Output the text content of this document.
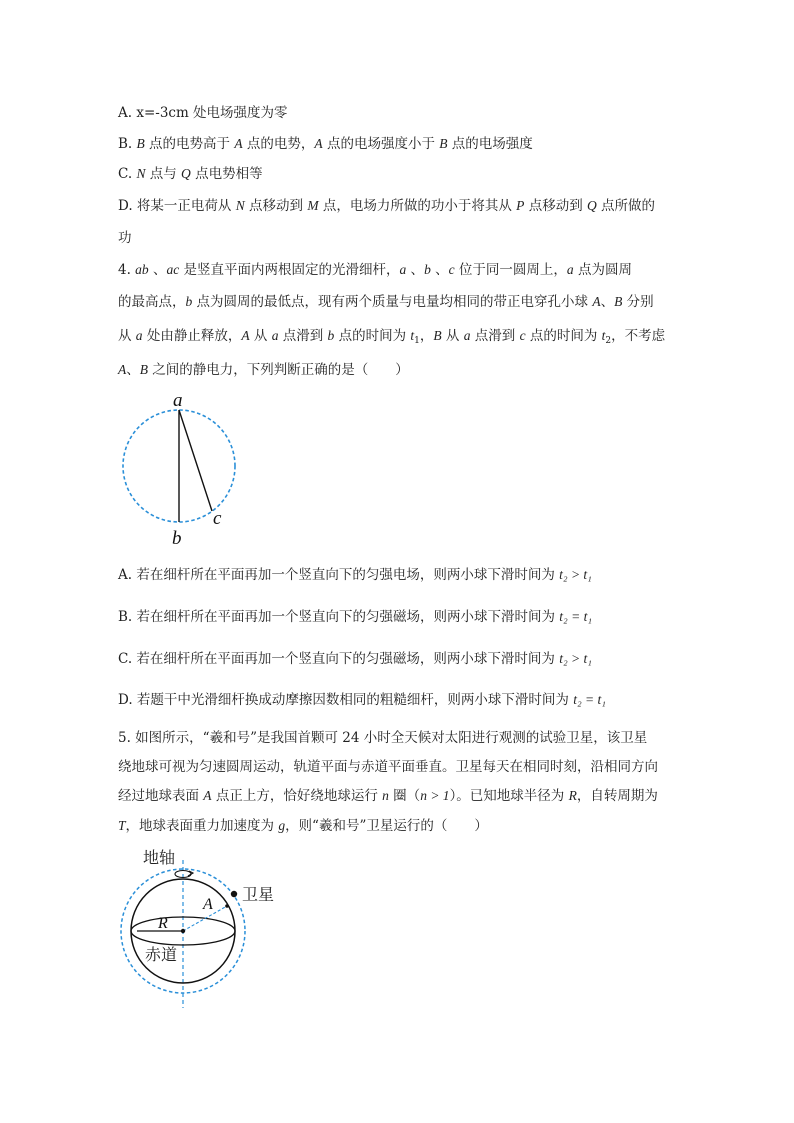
A. x=-3cm 处电场强度为零
B. B 点的电势高于 A 点的电势，A 点的电场强度小于 B 点的电场强度
C. N 点与 Q 点电势相等
D. 将某一正电荷从 N 点移动到 M 点，电场力所做的功小于将其从 P 点移动到 Q 点所做的
功
4. ab 、ac 是竖直平面内两根固定的光滑细杆，a 、b 、c 位于同一圆周上，a 点为圆周
的最高点，b 点为圆周的最低点，现有两个质量与电量均相同的带正电穿孔小球 A、B 分别
从 a 处由静止释放，A 从 a 点滑到 b 点的时间为 $t_1$，B 从 a 点滑到 c 点的时间为 $t_2$，不考虑
A、B 之间的静电力，下列判断正确的是（　　）
a
b
c
A. 若在细杆所在平面再加一个竖直向下的匀强电场，则两小球下滑时间为 t₂ > t₁
B. 若在细杆所在平面再加一个竖直向下的匀强磁场，则两小球下滑时间为 t₂ = t₁
C. 若在细杆所在平面再加一个竖直向下的匀强磁场，则两小球下滑时间为 t₂ > t₁
D. 若题干中光滑细杆换成动摩擦因数相同的粗糙细杆，则两小球下滑时间为 t₂ = t₁
5. 如图所示，“羲和号”是我国首颗可 24 小时全天候对太阳进行观测的试验卫星，该卫星
绕地球可视为匀速圆周运动，轨道平面与赤道平面垂直。卫星每天在相同时刻，沿相同方向
经过地球表面 A 点正上方，恰好绕地球运行 n 圈（n > 1）。已知地球半径为 R，自转周期为
T，地球表面重力加速度为 g，则“羲和号”卫星运行的（　　）
地轴
卫星
A
R
赤道
